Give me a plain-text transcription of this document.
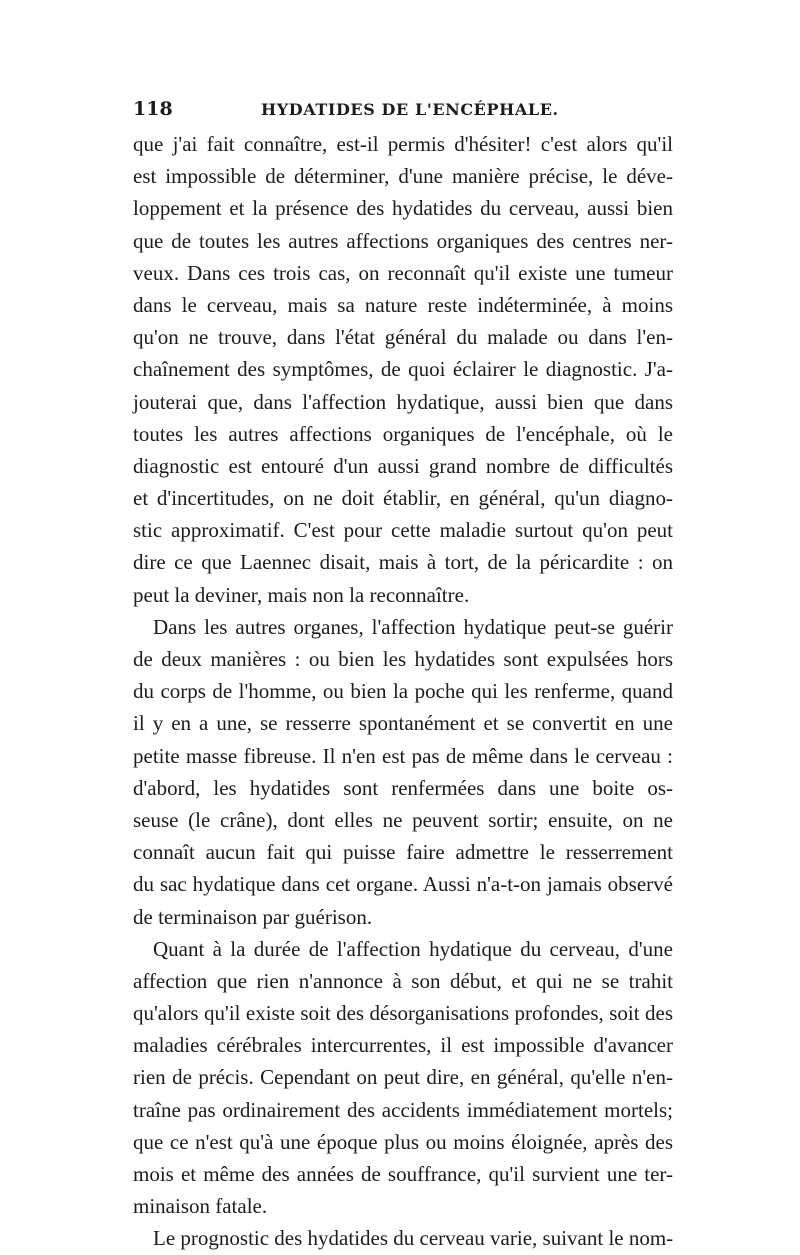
118	HYDATIDES DE L'ENCÉPHALE.
que j'ai fait connaître, est-il permis d'hésiter! c'est alors qu'il
est impossible de déterminer, d'une manière précise, le déve-
loppement et la présence des hydatides du cerveau, aussi bien
que de toutes les autres affections organiques des centres ner-
veux. Dans ces trois cas, on reconnaît qu'il existe une tumeur
dans le cerveau, mais sa nature reste indéterminée, à moins
qu'on ne trouve, dans l'état général du malade ou dans l'en-
chaînement des symptômes, de quoi éclairer le diagnostic. J'a-
jouterai que, dans l'affection hydatique, aussi bien que dans
toutes les autres affections organiques de l'encéphale, où le
diagnostic est entouré d'un aussi grand nombre de difficultés
et d'incertitudes, on ne doit établir, en général, qu'un diagno-
stic approximatif. C'est pour cette maladie surtout qu'on peut
dire ce que Laennec disait, mais à tort, de la péricardite : on
peut la deviner, mais non la reconnaître.
Dans les autres organes, l'affection hydatique peut-se guérir
de deux manières : ou bien les hydatides sont expulsées hors
du corps de l'homme, ou bien la poche qui les renferme, quand
il y en a une, se resserre spontanément et se convertit en une
petite masse fibreuse. Il n'en est pas de même dans le cerveau :
d'abord, les hydatides sont renfermées dans une boite os-
seuse (le crâne), dont elles ne peuvent sortir; ensuite, on ne
connaît aucun fait qui puisse faire admettre le resserrement
du sac hydatique dans cet organe. Aussi n'a-t-on jamais observé
de terminaison par guérison.
Quant à la durée de l'affection hydatique du cerveau, d'une
affection que rien n'annonce à son début, et qui ne se trahit
qu'alors qu'il existe soit des désorganisations profondes, soit des
maladies cérébrales intercurrentes, il est impossible d'avancer
rien de précis. Cependant on peut dire, en général, qu'elle n'en-
traîne pas ordinairement des accidents immédiatement mortels;
que ce n'est qu'à une époque plus ou moins éloignée, après des
mois et même des années de souffrance, qu'il survient une ter-
minaison fatale.
Le prognostic des hydatides du cerveau varie, suivant le nom-
